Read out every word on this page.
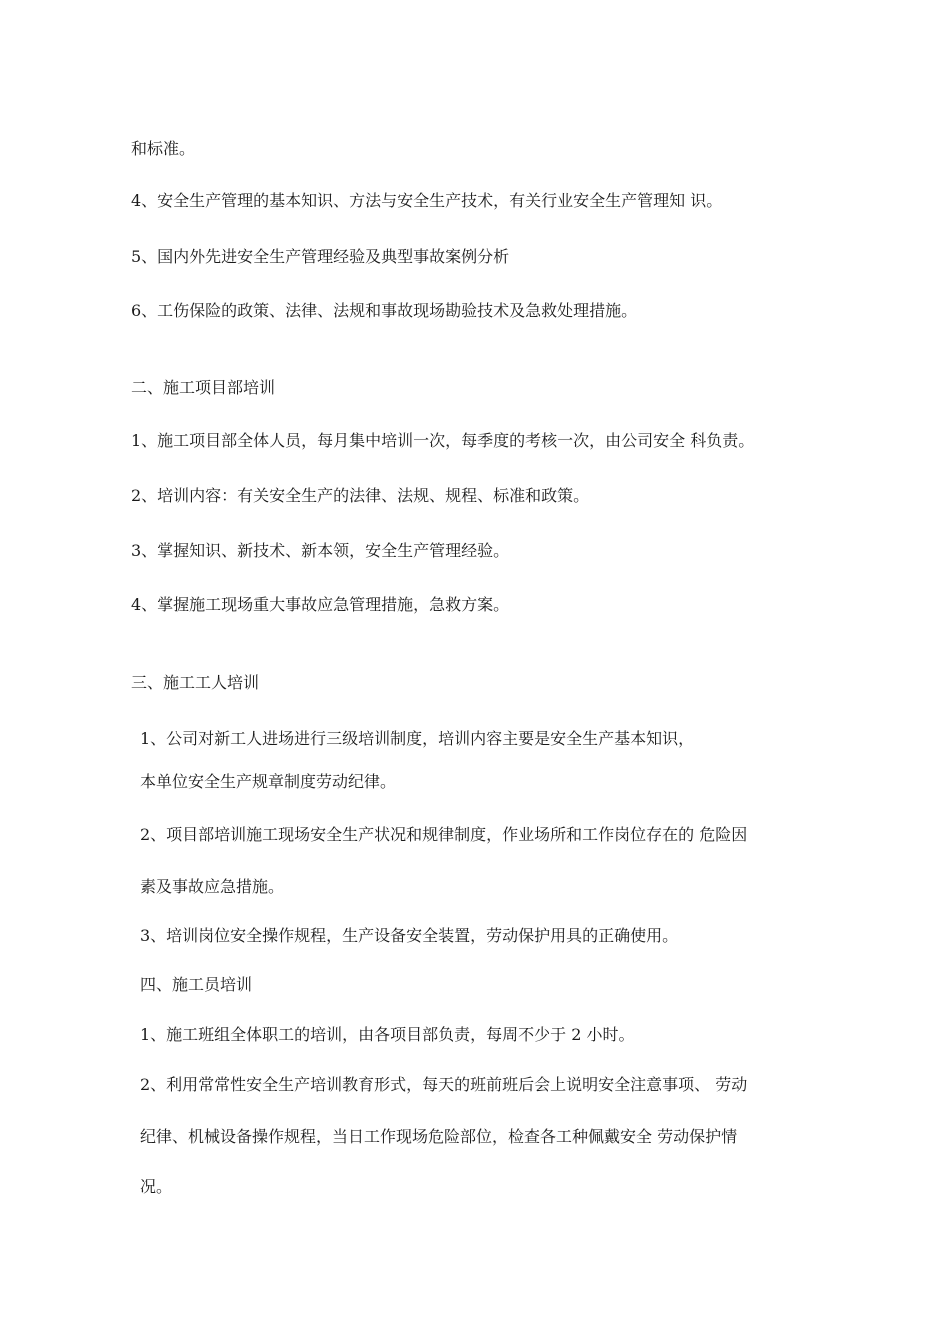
和标准。
4、安全生产管理的基本知识、方法与安全生产技术，有关行业安全生产管理知 识。
5、国内外先进安全生产管理经验及典型事故案例分析
6、工伤保险的政策、法律、法规和事故现场勘验技术及急救处理措施。
二、施工项目部培训
1、施工项目部全体人员，每月集中培训一次，每季度的考核一次，由公司安全 科负责。
2、培训内容：有关安全生产的法律、法规、规程、标准和政策。
3、掌握知识、新技术、新本领，安全生产管理经验。
4、掌握施工现场重大事故应急管理措施，急救方案。
三、施工工人培训
1、公司对新工人进场进行三级培训制度，培训内容主要是安全生产基本知识，
本单位安全生产规章制度劳动纪律。
2、项目部培训施工现场安全生产状况和规律制度，作业场所和工作岗位存在的 危险因
素及事故应急措施。
3、培训岗位安全操作规程，生产设备安全装置，劳动保护用具的正确使用。
四、施工员培训
1、施工班组全体职工的培训，由各项目部负责，每周不少于 2 小时。
2、利用常常性安全生产培训教育形式，每天的班前班后会上说明安全注意事项、 劳动
纪律、机械设备操作规程，当日工作现场危险部位，检查各工种佩戴安全 劳动保护情
况。
